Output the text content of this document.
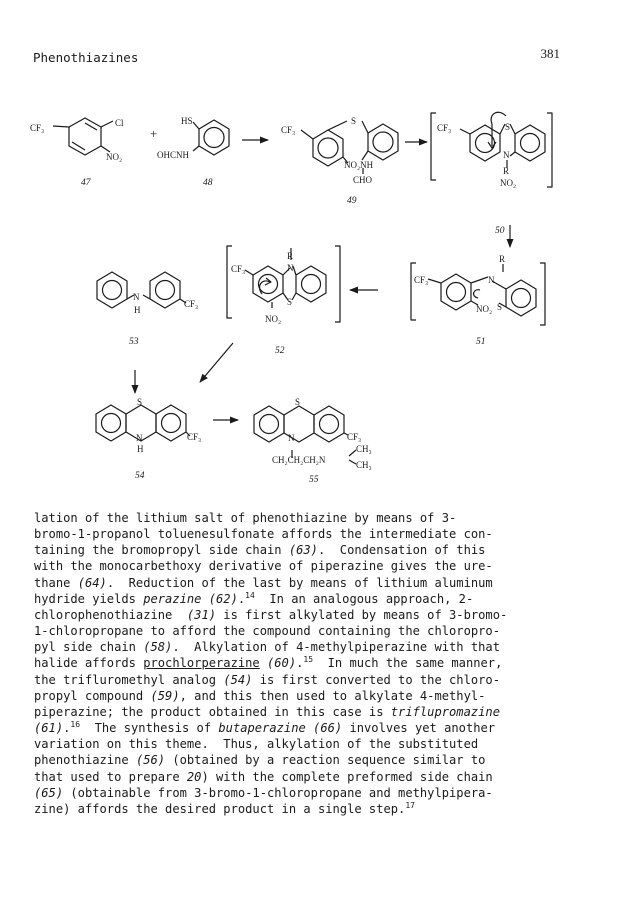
Phenothiazines	381
CF₃	Cl
NO₂
+
47
HS
OHCNH
48
CF₃
S
NO₂NH
CHO
49
CF₃	S
N
R
NO₂
50
R
CF₃	N
NO₂ S
51
R
CF₃	N
S
NO₂
52
N
H
CF₃
53
S
N
H
CF₃
54
S
N	CF₃
CH₂CH₂CH₂N
CH₃
CH₃
55
lation of the lithium salt of phenothiazine by means of 3-
bromo-1-propanol toluenesulfonate affords the intermediate con-
taining the bromopropyl side chain (63).  Condensation of this
with the monocarbethoxy derivative of piperazine gives the ure-
thane (64).  Reduction of the last by means of lithium aluminum
hydride yields perazine (62).$^{14}$  In an analogous approach, 2-
chlorophenothiazine  (31) is first alkylated by means of 3-bromo-
1-chloropropane to afford the compound containing the chloropro-
pyl side chain (58).  Alkylation of 4-methylpiperazine with that
halide affords prochlorperazine (60).$^{15}$  In much the same manner,
the trifluromethyl analog (54) is first converted to the chloro-
propyl compound (59), and this then used to alkylate 4-methyl-
piperazine; the product obtained in this case is triflupromazine
(61).$^{16}$  The synthesis of butaperazine (66) involves yet another
variation on this theme.  Thus, alkylation of the substituted
phenothiazine (56) (obtained by a reaction sequence similar to
that used to prepare 20) with the complete preformed side chain
(65) (obtainable from 3-bromo-1-chloropropane and methylpipera-
zine) affords the desired product in a single step.$^{17}$
